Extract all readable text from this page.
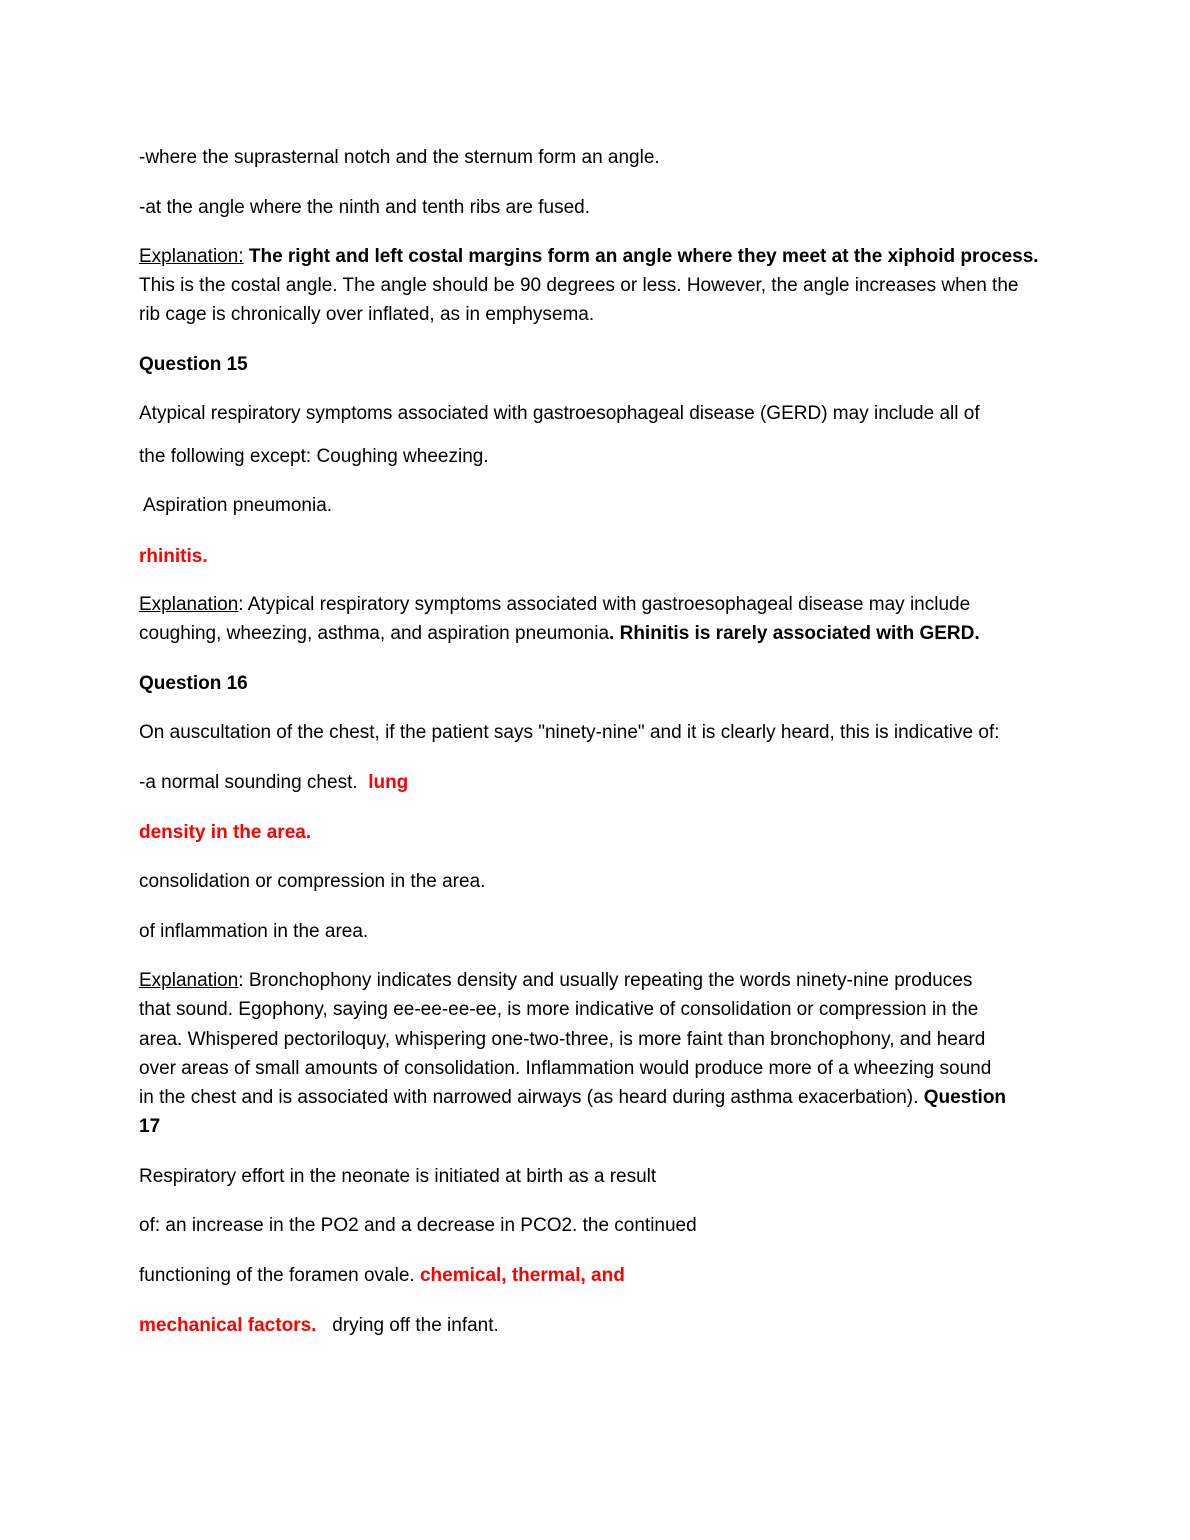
-where the suprasternal notch and the sternum form an angle.
-at the angle where the ninth and tenth ribs are fused.
Explanation: The right and left costal margins form an angle where they meet at the xiphoid process.
This is the costal angle. The angle should be 90 degrees or less. However, the angle increases when the
rib cage is chronically over inflated, as in emphysema.
Question 15
Atypical respiratory symptoms associated with gastroesophageal disease (GERD) may include all of
the following except: Coughing wheezing.
Aspiration pneumonia.
rhinitis.
Explanation: Atypical respiratory symptoms associated with gastroesophageal disease may include
coughing, wheezing, asthma, and aspiration pneumonia. Rhinitis is rarely associated with GERD.
Question 16
On auscultation of the chest, if the patient says "ninety-nine" and it is clearly heard, this is indicative of:
-a normal sounding chest. lung
density in the area.
consolidation or compression in the area.
of inflammation in the area.
Explanation: Bronchophony indicates density and usually repeating the words ninety-nine produces
that sound. Egophony, saying ee-ee-ee-ee, is more indicative of consolidation or compression in the
area. Whispered pectoriloquy, whispering one-two-three, is more faint than bronchophony, and heard
over areas of small amounts of consolidation. Inflammation would produce more of a wheezing sound
in the chest and is associated with narrowed airways (as heard during asthma exacerbation). Question
17
Respiratory effort in the neonate is initiated at birth as a result
of: an increase in the PO2 and a decrease in PCO2. the continued
functioning of the foramen ovale. chemical, thermal, and
mechanical factors. drying off the infant.
